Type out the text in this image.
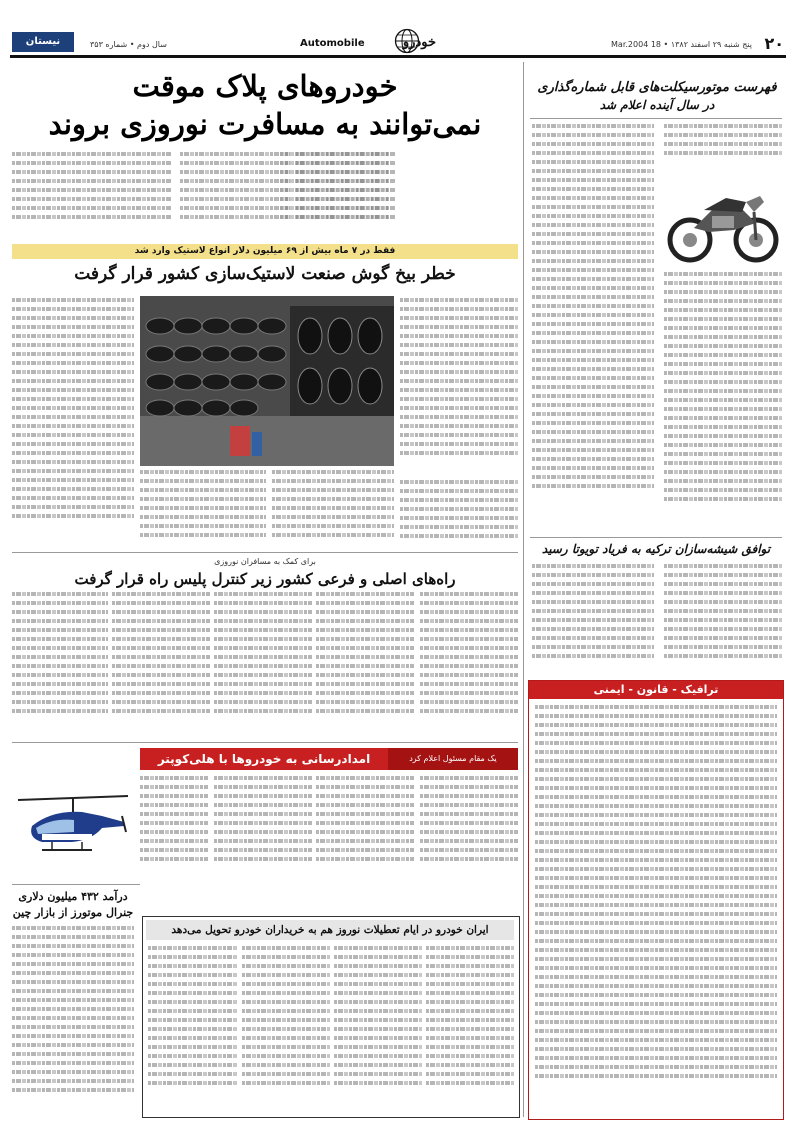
۲۰
پنج شنبه ۲۹ اسفند ۱۳۸۲ • 18 Mar.2004
خودرو
Automobile
سال دوم • شماره ۳۵۳
نیستان
فهرست موتورسیکلت‌های قابل شماره‌گذاری
در سال آینده اعلام شد
توافق شیشه‌سازان ترکیه به فریاد تویوتا رسید
ترافیک - قانون - ایمنی
خودروهای پلاک موقت
نمی‌توانند به مسافرت نوروزی بروند
فقط در ۷ ماه بیش از ۶۹ میلیون دلار انواع لاستیک وارد شد
خطر بیخ گوش صنعت لاستیک‌سازی کشور قرار گرفت
برای کمک به مسافران نوروزی
راه‌های اصلی و فرعی کشور زیر کنترل پلیس راه قرار گرفت
یک مقام مسئول اعلام کرد
امدادرسانی به خودروها با هلی‌کوپتر
درآمد ۴۳۲ میلیون دلاری
جنرال موتورز از بازار چین
ایران خودرو در ایام تعطیلات نوروز هم به خریداران خودرو تحویل می‌دهد
